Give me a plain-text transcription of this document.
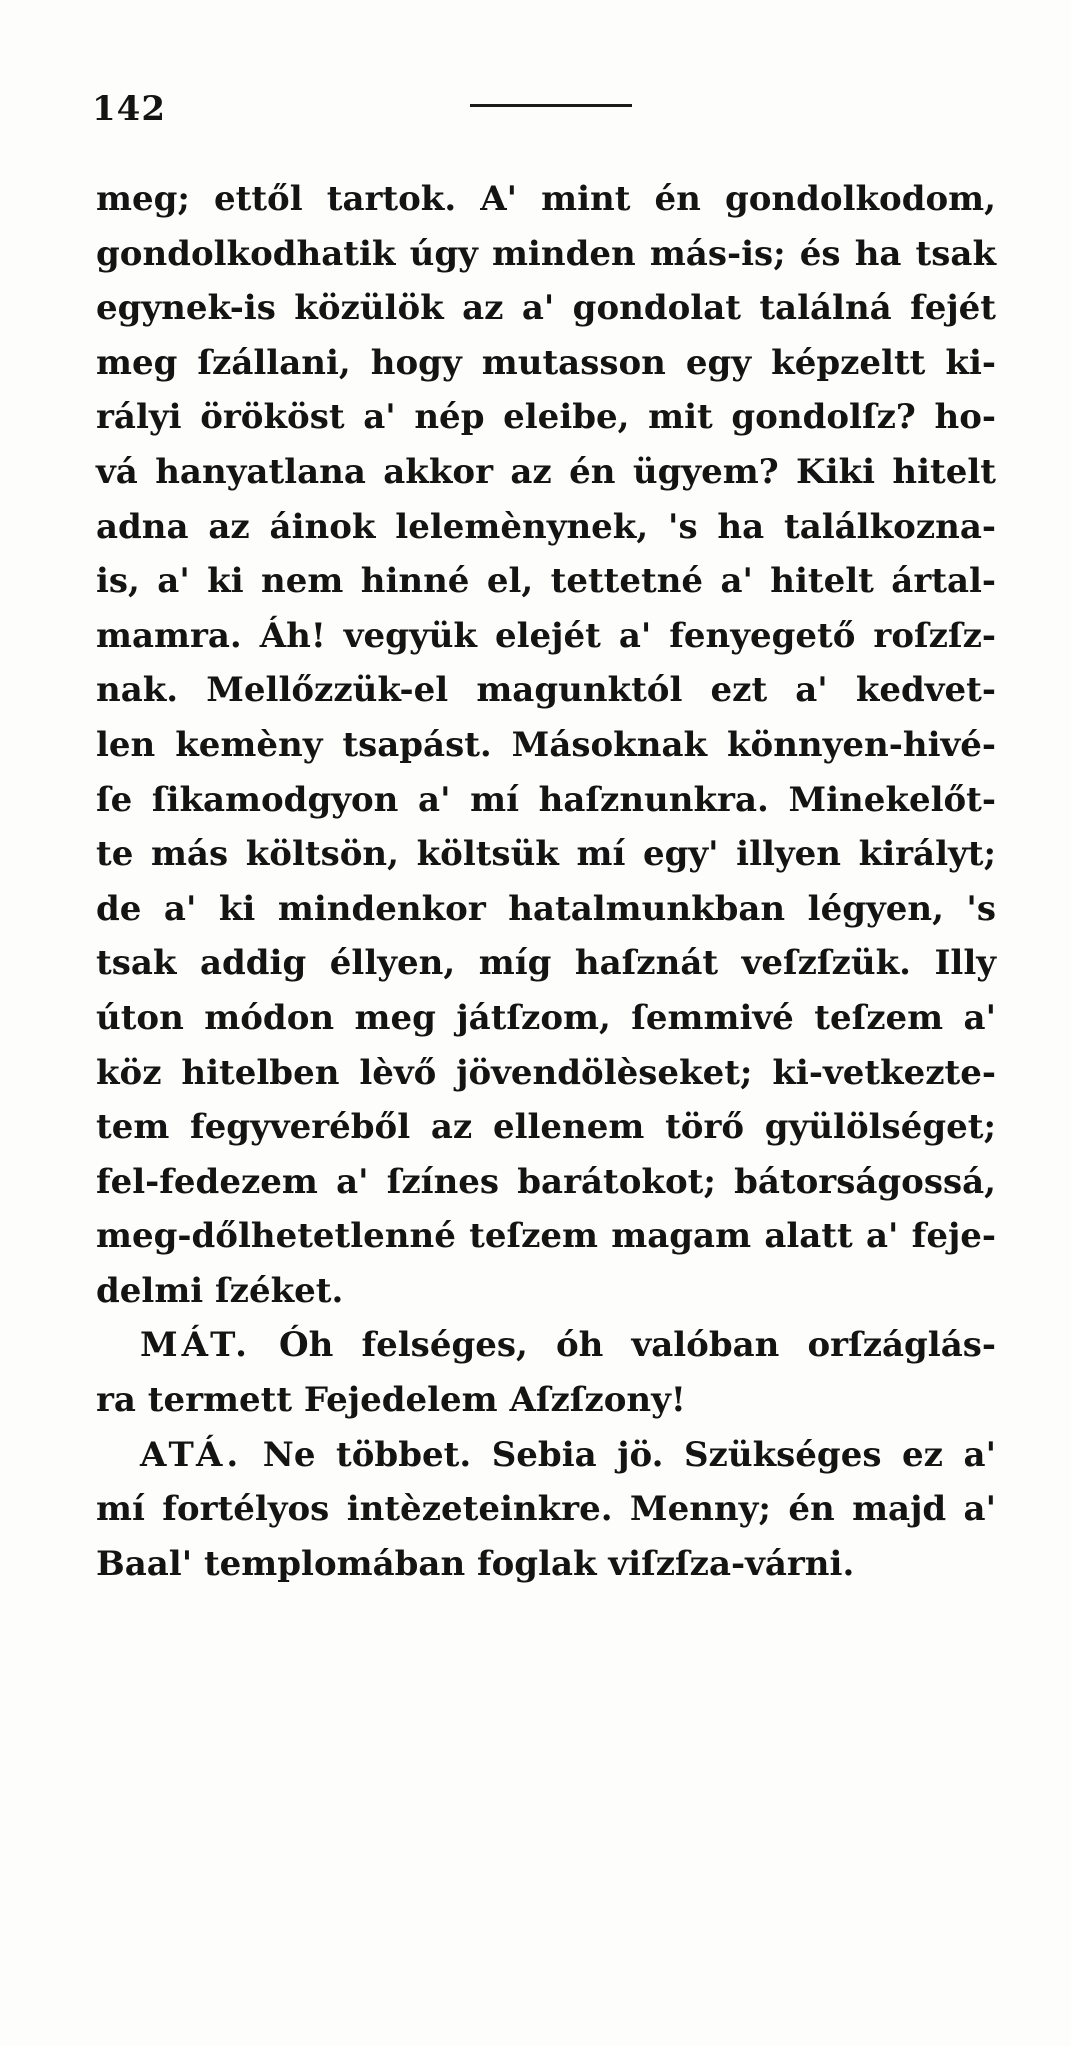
142
meg; ettől tartok. A' mint én gondolkodom,
gondolkodhatik úgy minden más-is; és ha tsak
egynek-is közülök az a' gondolat találná fejét
meg ſzállani, hogy mutasson egy képzeltt ki-
rályi örököst a' nép eleibe, mit gondolſz? ho-
vá hanyatlana akkor az én ügyem? Kiki hitelt
adna az áinok lelemènynek, 's ha találkozna-
is, a' ki nem hinné el, tettetné a' hitelt ártal-
mamra. Áh! vegyük elejét a' fenyegető roſzſz-
nak. Mellőzzük-el magunktól ezt a' kedvet-
len kemèny tsapást. Másoknak könnyen-hivé-
ſe ſikamodgyon a' mí haſznunkra. Minekelőt-
te más költsön, költsük mí egy' illyen királyt;
de a' ki mindenkor hatalmunkban légyen, 's
tsak addig éllyen, míg haſznát veſzſzük. Illy
úton módon meg játſzom, ſemmivé teſzem a'
köz hitelben lèvő jövendölèseket; ki-vetkezte-
tem fegyveréből az ellenem törő gyülölséget;
fel-fedezem a' ſzínes barátokot; bátorságossá,
meg-dőlhetetlenné teſzem magam alatt a' feje-
delmi ſzéket.
MÁT. Óh felséges, óh valóban orſzáglás-
ra termett Fejedelem Aſzſzony!
ATÁ. Ne többet. Sebia jö. Szükséges ez a'
mí fortélyos intèzeteinkre. Menny; én majd a'
Baal' templomában foglak viſzſza-várni.
